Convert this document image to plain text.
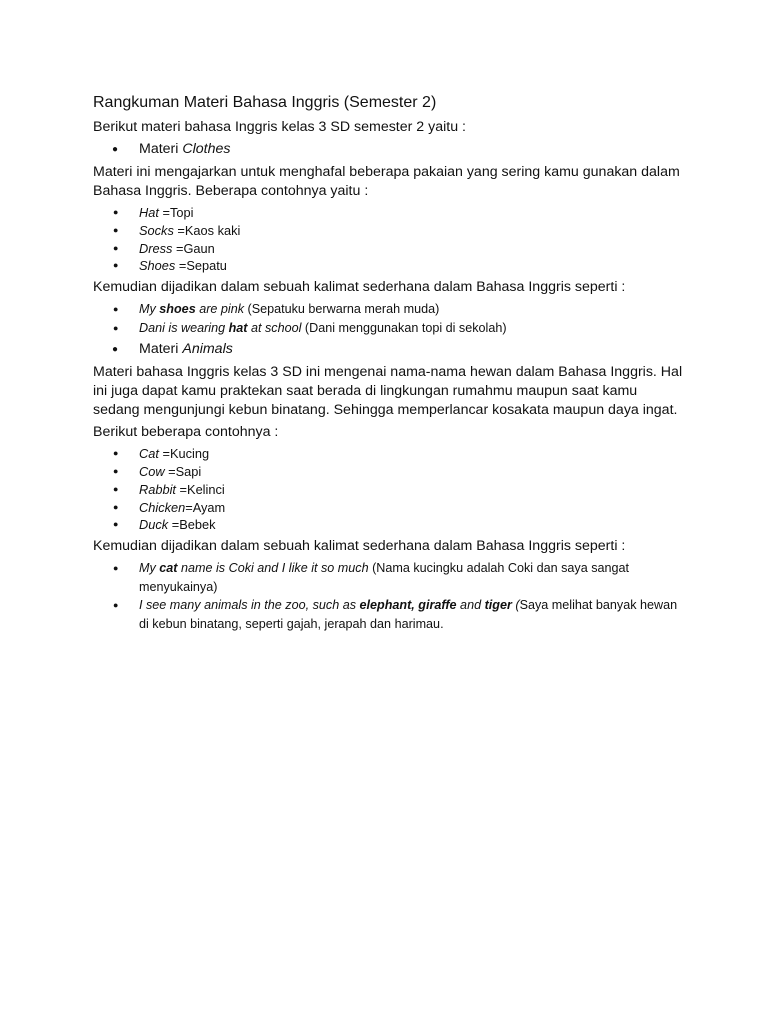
Rangkuman Materi Bahasa Inggris (Semester 2)
Berikut materi bahasa Inggris kelas 3 SD semester 2 yaitu :
● Materi Clothes
Materi ini mengajarkan untuk menghafal beberapa pakaian yang sering kamu gunakan dalam Bahasa Inggris. Beberapa contohnya yaitu :
● Hat =Topi
● Socks =Kaos kaki
● Dress =Gaun
● Shoes =Sepatu
Kemudian dijadikan dalam sebuah kalimat sederhana dalam Bahasa Inggris seperti :
● My shoes are pink (Sepatuku berwarna merah muda)
● Dani is wearing hat at school (Dani menggunakan topi di sekolah)
● Materi Animals
Materi bahasa Inggris kelas 3 SD ini mengenai nama-nama hewan dalam Bahasa Inggris. Hal ini juga dapat kamu praktekan saat berada di lingkungan rumahmu maupun saat kamu sedang mengunjungi kebun binatang. Sehingga memperlancar kosakata maupun daya ingat.
Berikut beberapa contohnya :
● Cat =Kucing
● Cow =Sapi
● Rabbit =Kelinci
● Chicken=Ayam
● Duck =Bebek
Kemudian dijadikan dalam sebuah kalimat sederhana dalam Bahasa Inggris seperti :
● My cat name is Coki and I like it so much (Nama kucingku adalah Coki dan saya sangat menyukainya)
● I see many animals in the zoo, such as elephant, giraffe and tiger (Saya melihat banyak hewan di kebun binatang, seperti gajah, jerapah dan harimau.
